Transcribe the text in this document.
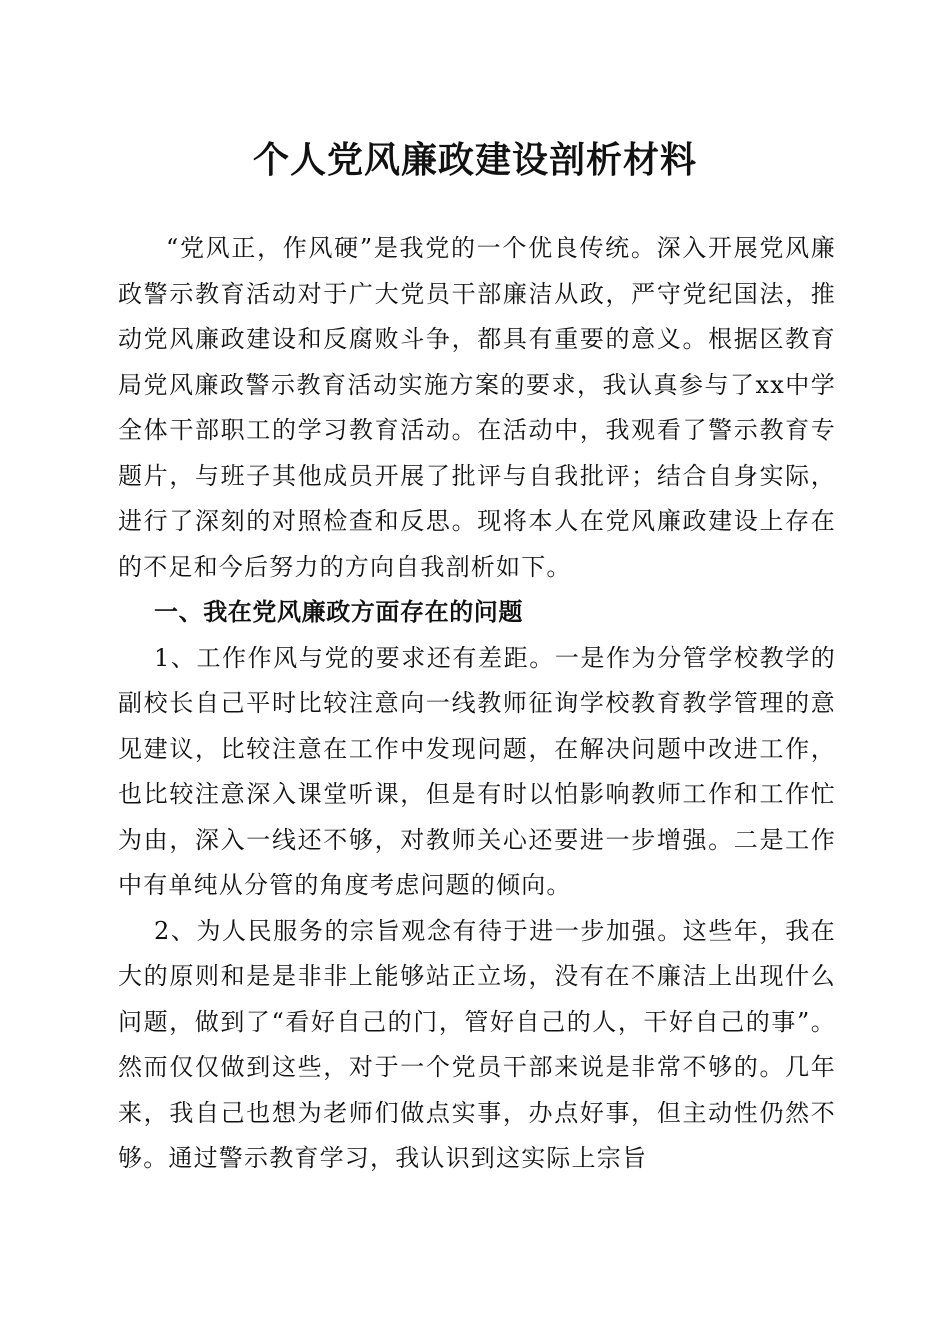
个人党风廉政建设剖析材料

“党风正，作风硬”是我党的一个优良传统。深入开展党风廉政警示教育活动对于广大党员干部廉洁从政，严守党纪国法，推动党风廉政建设和反腐败斗争，都具有重要的意义。根据区教育局党风廉政警示教育活动实施方案的要求，我认真参与了xx中学全体干部职工的学习教育活动。在活动中，我观看了警示教育专题片，与班子其他成员开展了批评与自我批评；结合自身实际，进行了深刻的对照检查和反思。现将本人在党风廉政建设上存在的不足和今后努力的方向自我剖析如下。

一、我在党风廉政方面存在的问题

1、工作作风与党的要求还有差距。一是作为分管学校教学的副校长自己平时比较注意向一线教师征询学校教育教学管理的意见建议，比较注意在工作中发现问题，在解决问题中改进工作，也比较注意深入课堂听课，但是有时以怕影响教师工作和工作忙为由，深入一线还不够，对教师关心还要进一步增强。二是工作中有单纯从分管的角度考虑问题的倾向。

2、为人民服务的宗旨观念有待于进一步加强。这些年，我在大的原则和是是非非上能够站正立场，没有在不廉洁上出现什么问题，做到了“看好自己的门，管好自己的人，干好自己的事”。然而仅仅做到这些，对于一个党员干部来说是非常不够的。几年来，我自己也想为老师们做点实事，办点好事，但主动性仍然不够。通过警示教育学习，我认识到这实际上宗旨
